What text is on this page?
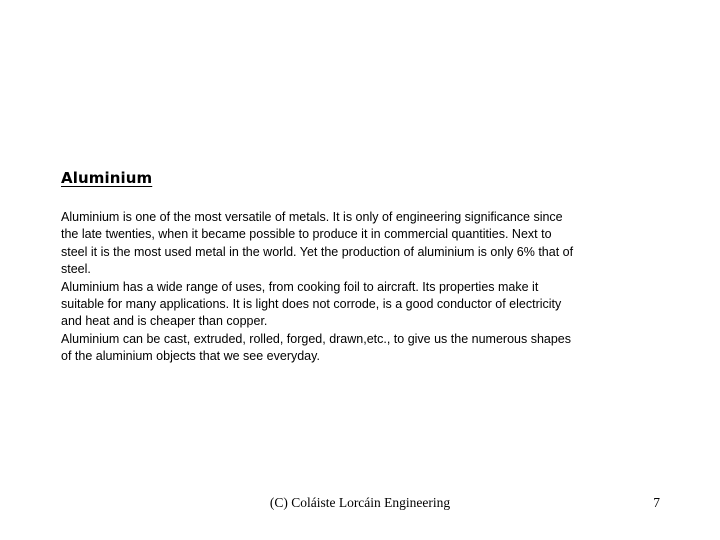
Aluminium
Aluminium is one of the most versatile of metals. It is only of engineering significance since
the late twenties, when it became possible to produce it in commercial quantities. Next to
steel it is the most used metal in the world. Yet the production of aluminium is only 6% that of
steel.
Aluminium has a wide range of uses, from cooking foil to aircraft. Its properties make it
suitable for many applications. It is light does not corrode, is a good conductor of electricity
and heat and is cheaper than copper.
Aluminium can be cast, extruded, rolled, forged, drawn,etc., to give us the numerous shapes
of the aluminium objects that we see everyday.
(C) Coláiste Lorcáin Engineering	7
